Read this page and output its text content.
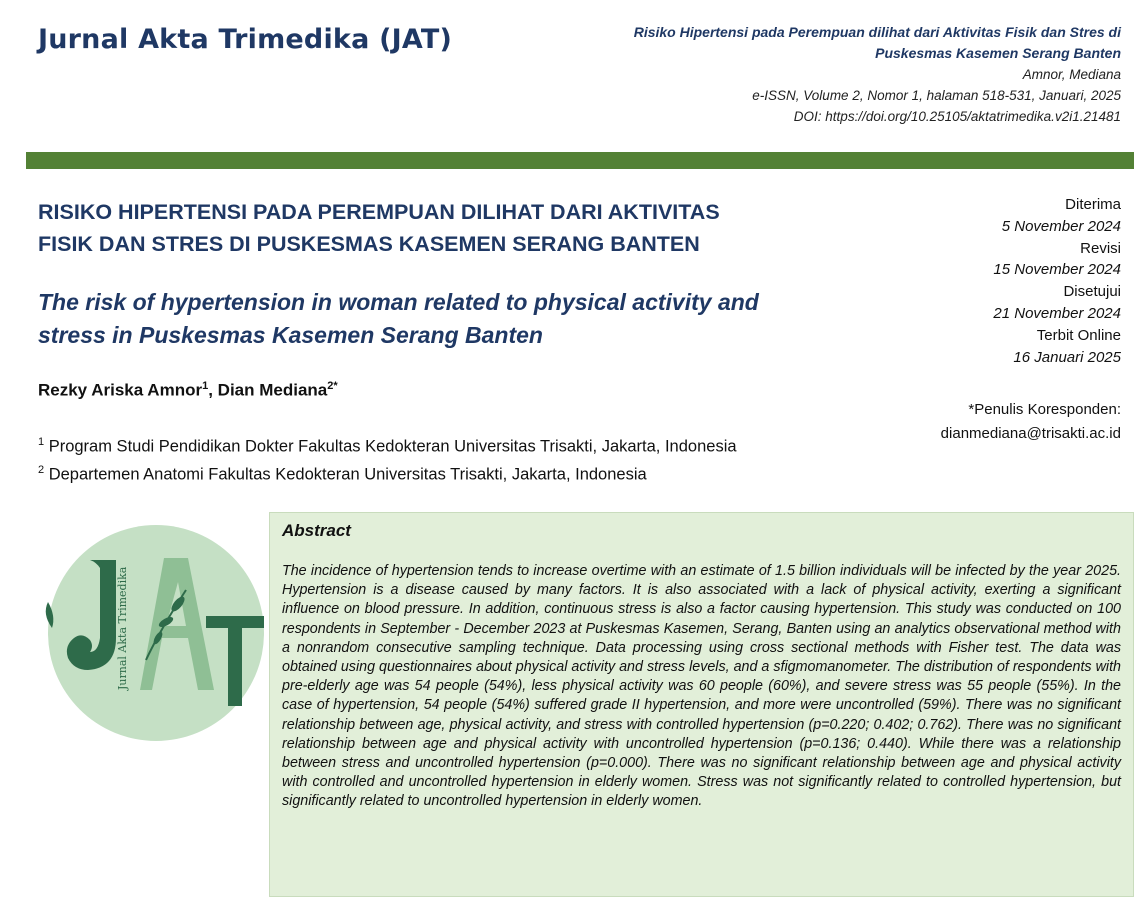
Jurnal Akta Trimedika (JAT)	Risiko Hipertensi pada Perempuan dilihat dari Aktivitas Fisik dan Stres di
Puskesmas Kasemen Serang Banten
Amnor, Mediana
e-ISSN, Volume 2, Nomor 1, halaman 518-531, Januari, 2025
DOI: https://doi.org/10.25105/aktatrimedika.v2i1.21481
RISIKO HIPERTENSI PADA PEREMPUAN DILIHAT DARI AKTIVITAS
FISIK DAN STRES DI PUSKESMAS KASEMEN SERANG BANTEN
The risk of hypertension in woman related to physical activity and
stress in Puskesmas Kasemen Serang Banten
Rezky Ariska Amnor$^1$, Dian Mediana$^{2*}$
$^1$ Program Studi Pendidikan Dokter Fakultas Kedokteran Universitas Trisakti, Jakarta, Indonesia
$^2$ Departemen Anatomi Fakultas Kedokteran Universitas Trisakti, Jakarta, Indonesia
Diterima
5 November 2024
Revisi
15 November 2024
Disetujui
21 November 2024
Terbit Online
16 Januari 2025
*Penulis Koresponden:
dianmediana@trisakti.ac.id
Jurnal Akta Trimedika
Abstract

The incidence of hypertension tends to increase overtime with an estimate of 1.5 billion individuals will be infected by the year 2025. Hypertension is a disease caused by many factors. It is also associated with a lack of physical activity, exerting a significant influence on blood pressure. In addition, continuous stress is also a factor causing hypertension. This study was conducted on 100 respondents in September - December 2023 at Puskesmas Kasemen, Serang, Banten using an analytics observational method with a nonrandom consecutive sampling technique. Data processing using cross sectional methods with Fisher test. The data was obtained using questionnaires about physical activity and stress levels, and a sfigmomanometer. The distribution of respondents with pre-elderly age was 54 people (54%), less physical activity was 60 people (60%), and severe stress was 55 people (55%). In the case of hypertension, 54 people (54%) suffered grade II hypertension, and more were uncontrolled (59%). There was no significant relationship between age, physical activity, and stress with controlled hypertension (p=0.220; 0.402; 0.762). There was no significant relationship between age and physical activity with uncontrolled hypertension (p=0.136; 0.440). While there was a relationship between stress and uncontrolled hypertension (p=0.000). There was no significant relationship between age and physical activity with controlled and uncontrolled hypertension in elderly women. Stress was not significantly related to controlled hypertension, but significantly related to uncontrolled hypertension in elderly women.
